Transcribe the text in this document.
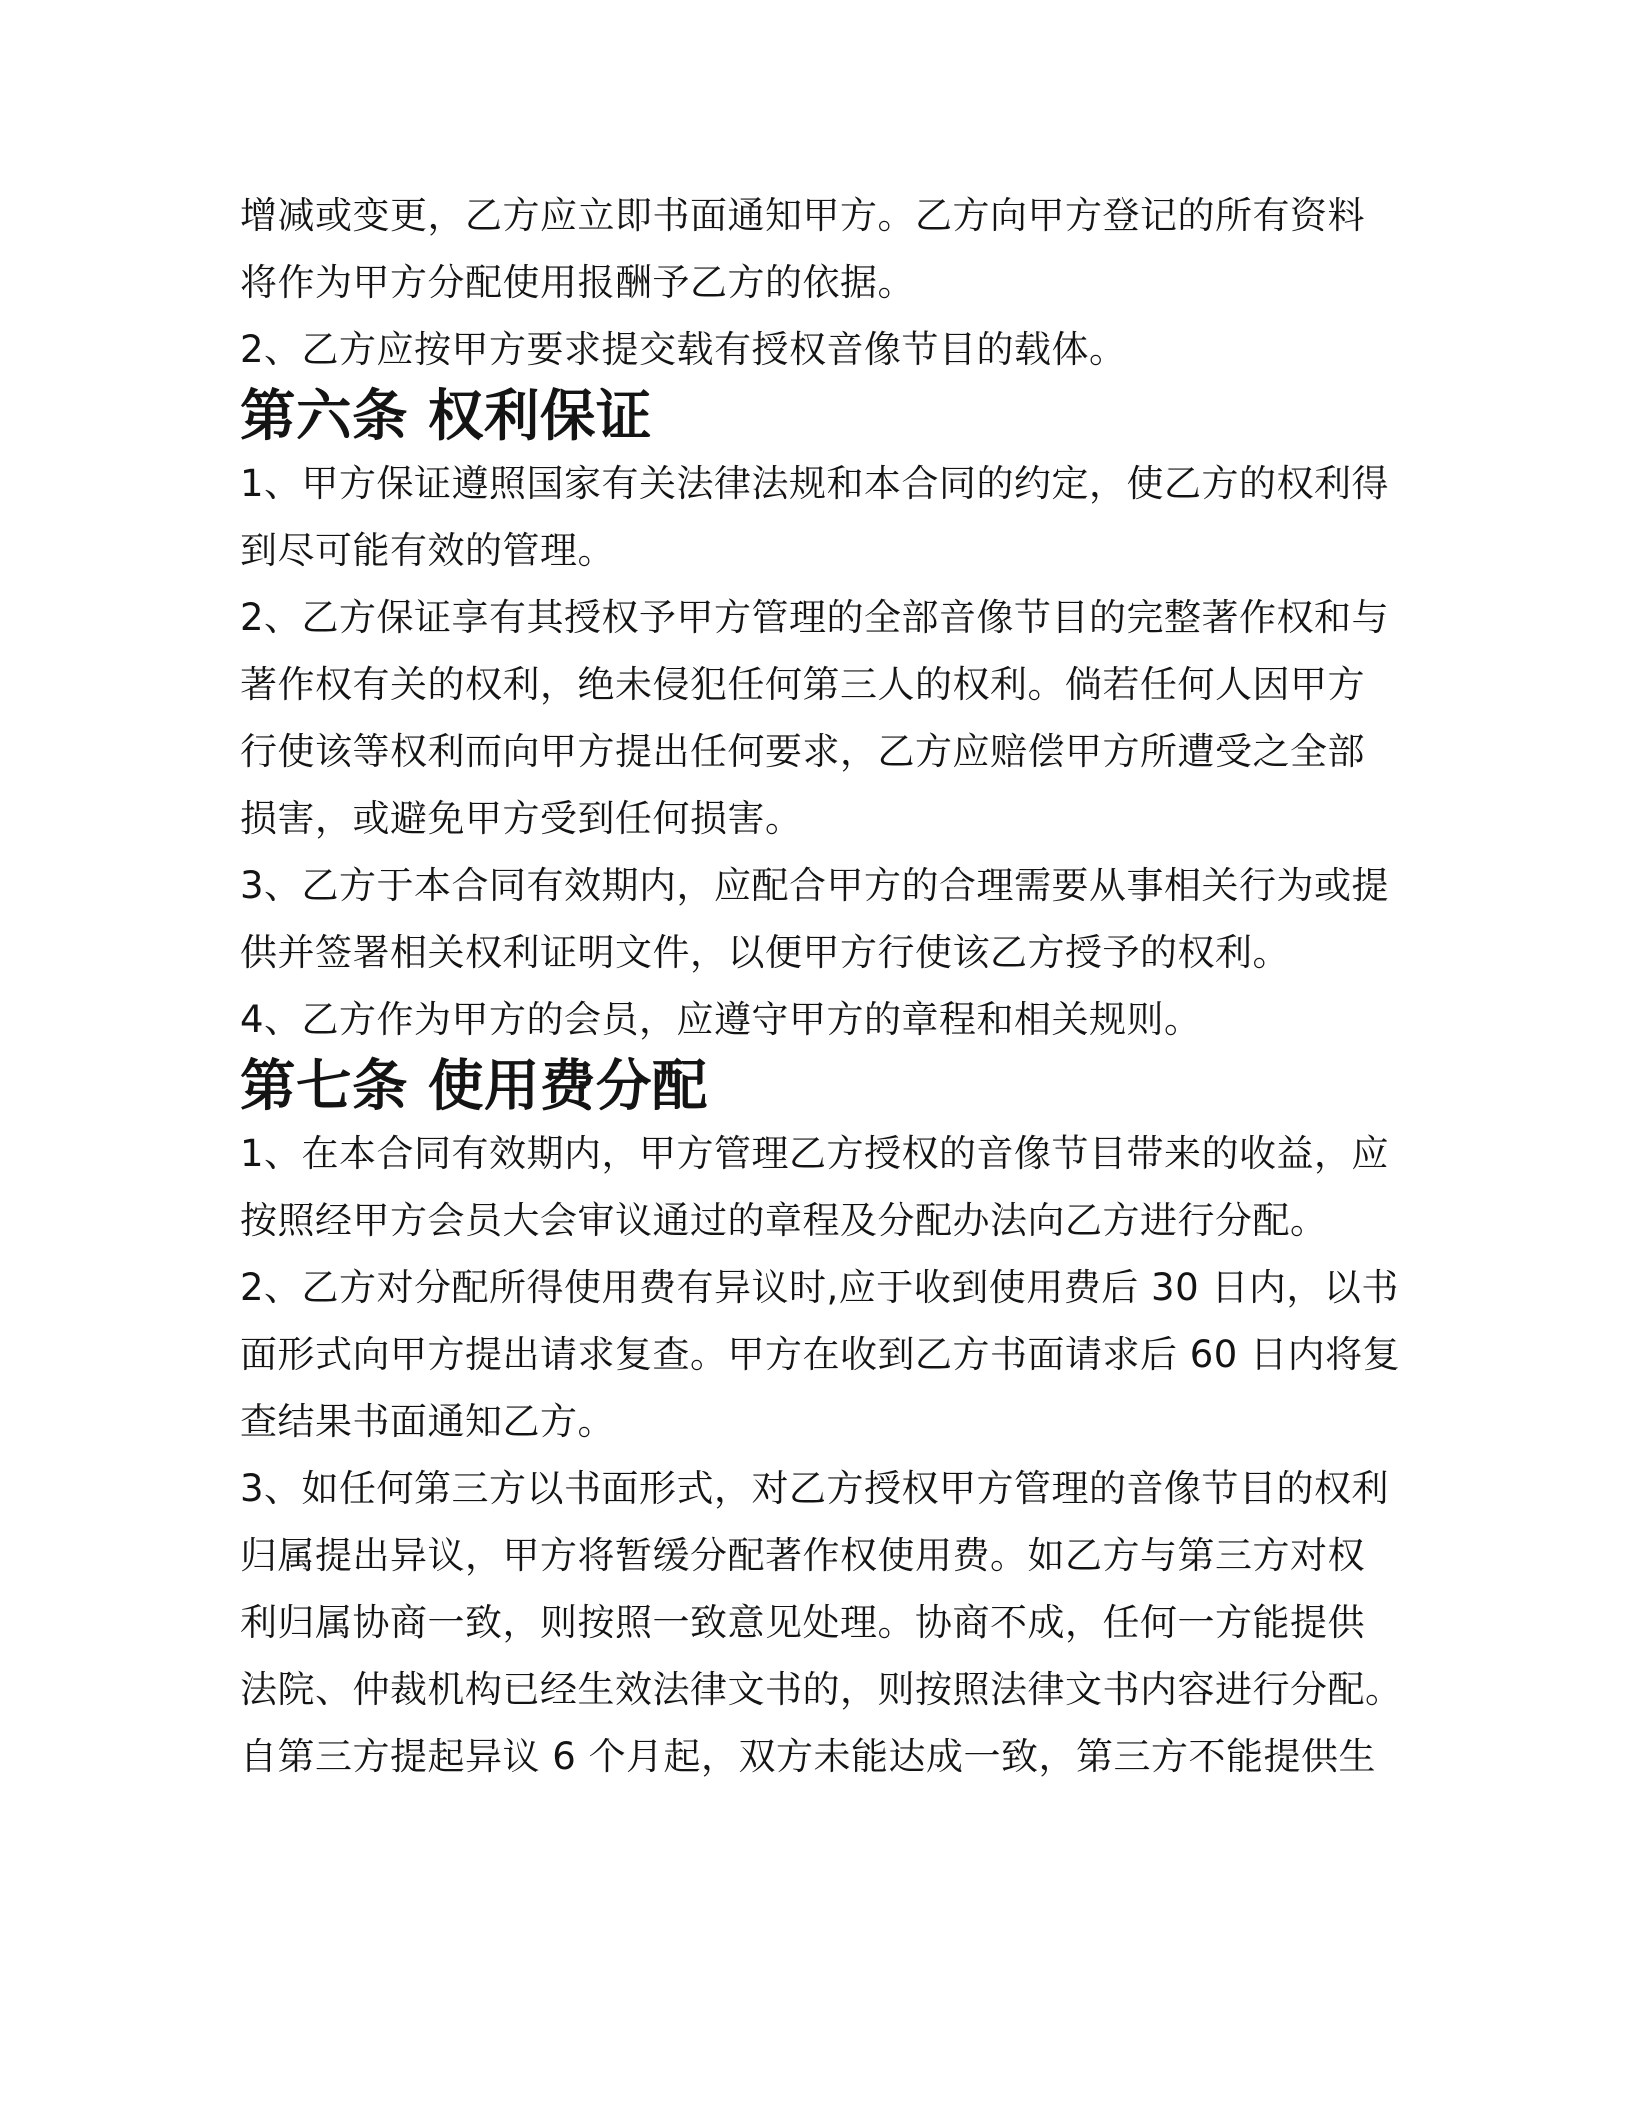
增减或变更，乙方应立即书面通知甲方。乙方向甲方登记的所有资料
将作为甲方分配使用报酬予乙方的依据。

2、乙方应按甲方要求提交载有授权音像节目的载体。

第六条 权利保证

1、甲方保证遵照国家有关法律法规和本合同的约定，使乙方的权利得
到尽可能有效的管理。

2、乙方保证享有其授权予甲方管理的全部音像节目的完整著作权和与
著作权有关的权利，绝未侵犯任何第三人的权利。倘若任何人因甲方
行使该等权利而向甲方提出任何要求，乙方应赔偿甲方所遭受之全部
损害，或避免甲方受到任何损害。

3、乙方于本合同有效期内，应配合甲方的合理需要从事相关行为或提
供并签署相关权利证明文件，以便甲方行使该乙方授予的权利。

4、乙方作为甲方的会员，应遵守甲方的章程和相关规则。

第七条 使用费分配

1、在本合同有效期内，甲方管理乙方授权的音像节目带来的收益，应
按照经甲方会员大会审议通过的章程及分配办法向乙方进行分配。

2、乙方对分配所得使用费有异议时,应于收到使用费后 30 日内，以书
面形式向甲方提出请求复查。甲方在收到乙方书面请求后 60 日内将复
查结果书面通知乙方。

3、如任何第三方以书面形式，对乙方授权甲方管理的音像节目的权利
归属提出异议，甲方将暂缓分配著作权使用费。如乙方与第三方对权
利归属协商一致，则按照一致意见处理。协商不成，任何一方能提供
法院、仲裁机构已经生效法律文书的，则按照法律文书内容进行分配。
自第三方提起异议 6 个月起，双方未能达成一致，第三方不能提供生
